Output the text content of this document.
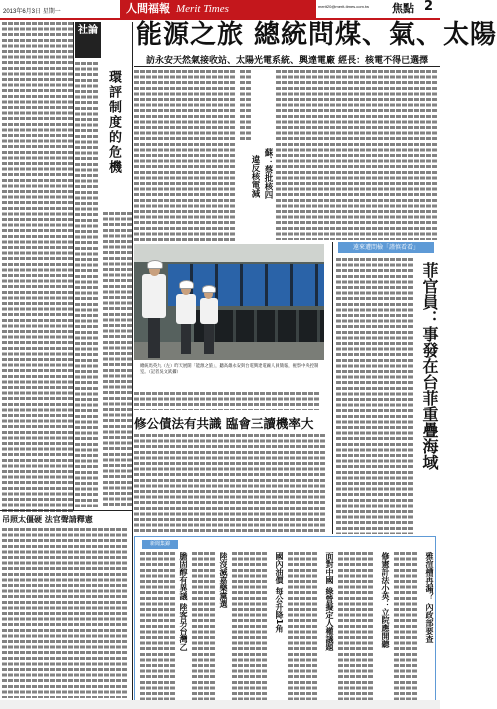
2013年6月3日 星期一	人間福報 Merit Times	merit20@merit-times.com.tw 焦點 2
能源之旅 總統問煤、氣、太陽
訪永安天然氣接收站、太陽光電系統、興達電廠 經長：核電不得已選擇
社論
環評制度的危機	蘇：蔡批核四
違反核電減
總統馬英九（左）昨天展開「能源之旅」，聽高雄永安與台電興達電廠人員簡報，視察中央控制室。（記者吳文欽攝）
修公債法有共識 臨會三讀機率大
遠來遭問檢「謹慎看看」
菲官員：事發在台菲重疊海域
吊照太僵硬 法官聲請釋憲
新聞集錦
雅渲槽再漏？ 內政部要查
修憲計法小英：立院應開聽
面對中國 綠營擬定人權議題
國內油價 每公升降1角
膽固醇有異議 陸客另台灣乙	陸沒滅嘉樂黨選
